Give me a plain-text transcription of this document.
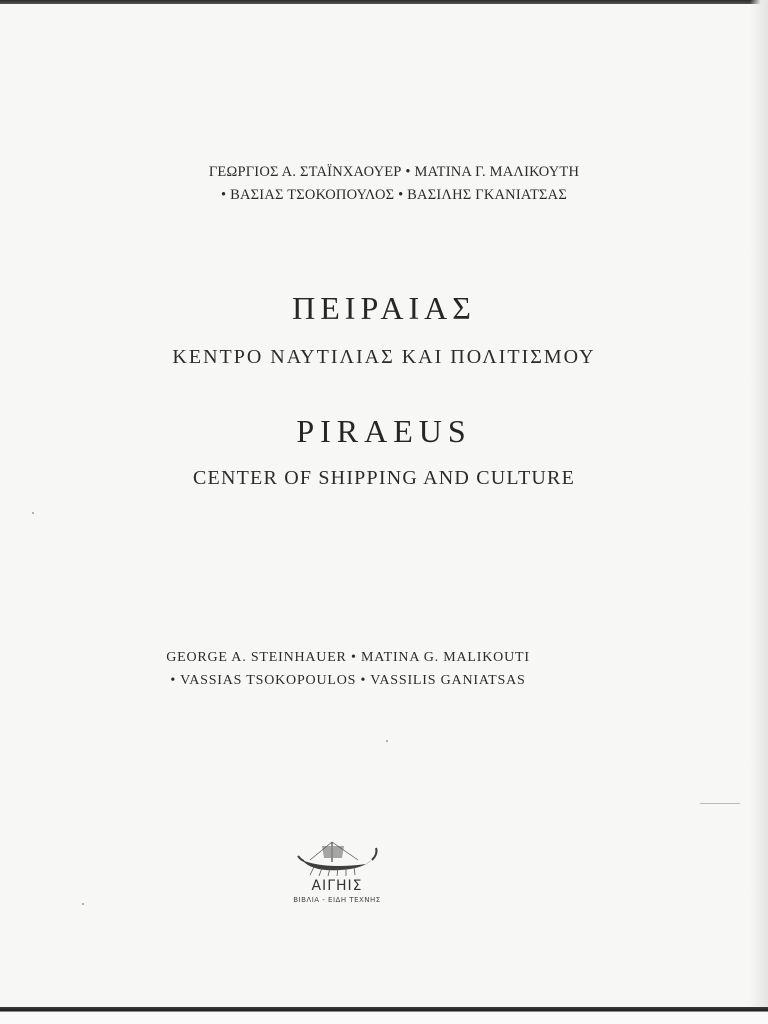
ΓΕΩΡΓΙΟΣ Α. ΣΤΑΪΝΧΑΟΥΕΡ • ΜΑΤΙΝΑ Γ. ΜΑΛΙΚΟΥΤΗ
• ΒΑΣΙΑΣ ΤΣΟΚΟΠΟΥΛΟΣ • ΒΑΣΙΛΗΣ ΓΚΑΝΙΑΤΣΑΣ
ΠΕΙΡΑΙΑΣ
ΚΕΝΤΡΟ ΝΑΥΤΙΛΙΑΣ ΚΑΙ ΠΟΛΙΤΙΣΜΟΥ
PIRAEUS
CENTER OF SHIPPING AND CULTURE
GEORGE A. STEINHAUER • MATINA G. MALIKOUTI
• VASSIAS TSOKOPOULOS • VASSILIS GANIATSAS
ΑΙΓΗΙΣ
ΒΙΒΛΙΑ - ΕΙΔΗ ΤΕΧΝΗΣ
